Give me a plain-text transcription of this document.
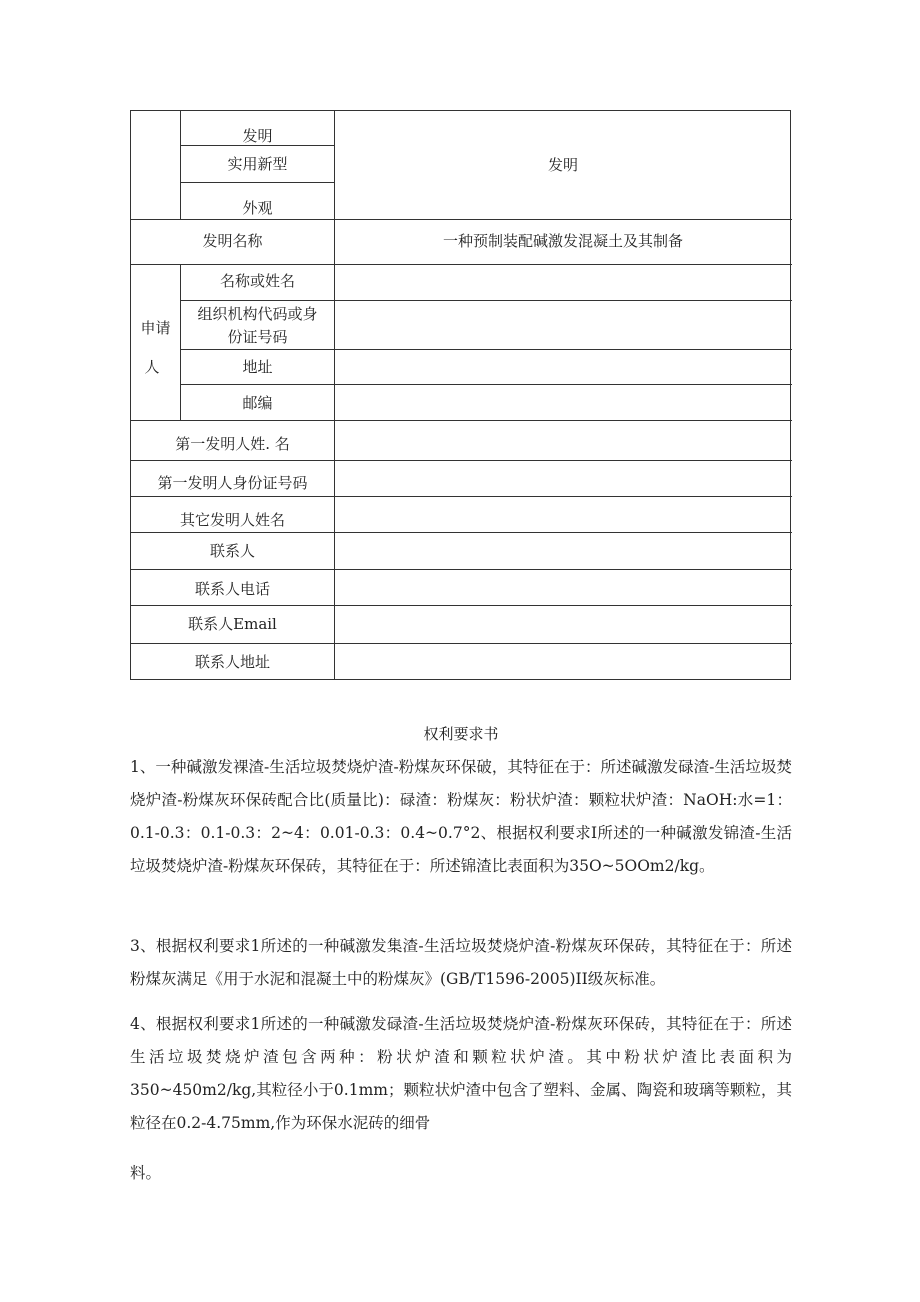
发明
实用新型
外观
发明
发明名称	一种预制装配碱激发混凝土及其制备
申请
人
名称或姓名
组织机构代码或身
份证号码
地址
邮编
第一发明人姓. 名
第一发明人身份证号码
其它发明人姓名
联系人
联系人电话
联系人Email
联系人地址
权利要求书
1、一种碱激发裸渣-生活垃圾焚烧炉渣-粉煤灰环保破，其特征在于：所述碱激发碌渣-生活垃圾焚烧炉渣-粉煤灰环保砖配合比(质量比)：碌渣：粉煤灰：粉状炉渣：颗粒状炉渣：NaOH:水=1：0.1-0.3：0.1-0.3：2~4：0.01-0.3：0.4~0.7°2、根据权利要求I所述的一种碱激发锦渣-生活垃圾焚烧炉渣-粉煤灰环保砖，其特征在于：所述锦渣比表面积为35O~5OOm2∕kg。
3、根据权利要求1所述的一种碱激发集渣-生活垃圾焚烧炉渣-粉煤灰环保砖，其特征在于：所述粉煤灰满足《用于水泥和混凝土中的粉煤灰》(GB/T1596-2005)II级灰标准。
4、根据权利要求1所述的一种碱激发碌渣-生活垃圾焚烧炉渣-粉煤灰环保砖，其特征在于：所述生活垃圾焚烧炉渣包含两种：粉状炉渣和颗粒状炉渣。其中粉状炉渣比表面积为350~450m2/kg,其粒径小于0.1mm；颗粒状炉渣中包含了塑料、金属、陶瓷和玻璃等颗粒，其粒径在0.2-4.75mm,作为环保水泥砖的细骨
料。
